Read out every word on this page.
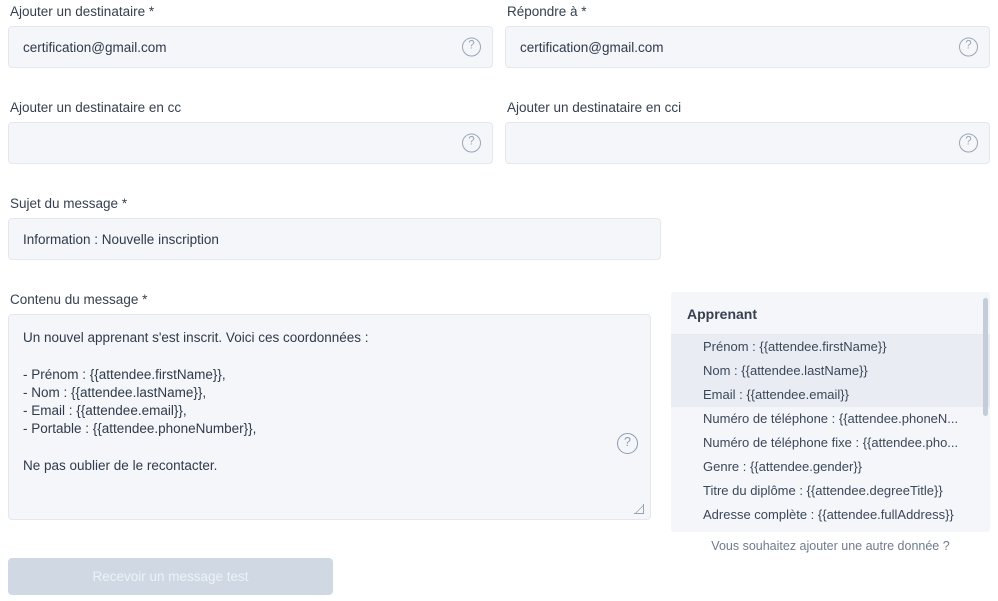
Ajouter un destinataire *
certification@gmail.com
?
Répondre à *
certification@gmail.com
?
Ajouter un destinataire en cc
?
Ajouter un destinataire en cci
?
Sujet du message *
Information : Nouvelle inscription
Contenu du message *
Un nouvel apprenant s'est inscrit. Voici ces coordonnées : - Prénom : {{attendee.firstName}}, - Nom : {{attendee.lastName}}, - Email : {{attendee.email}}, - Portable : {{attendee.phoneNumber}}, Ne pas oublier de le recontacter.
?
Recevoir un message test
Apprenant
Prénom : {{attendee.firstName}}
Nom : {{attendee.lastName}}
Email : {{attendee.email}}
Numéro de téléphone : {{attendee.phoneN...
Numéro de téléphone fixe : {{attendee.pho...
Genre : {{attendee.gender}}
Titre du diplôme : {{attendee.degreeTitle}}
Adresse complète : {{attendee.fullAddress}}
Vous souhaitez ajouter une autre donnée ?
